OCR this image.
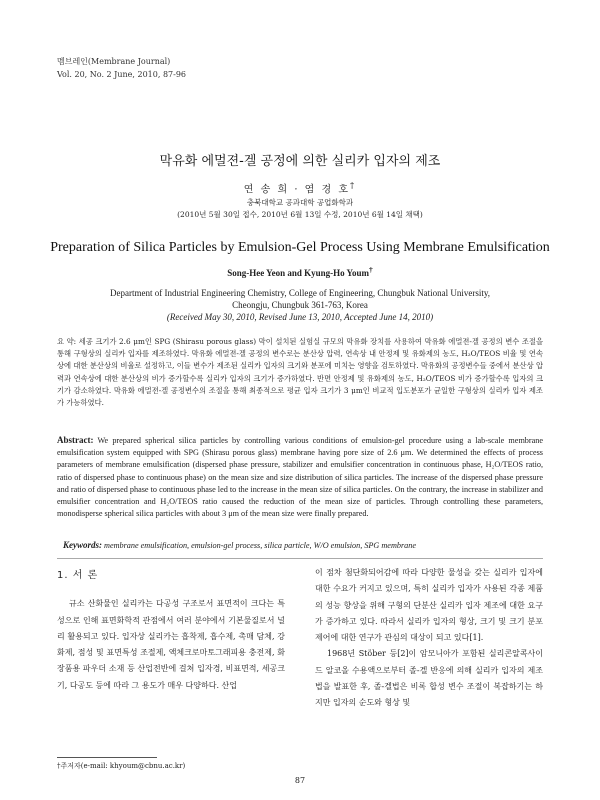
멤브레인(Membrane Journal)
Vol. 20, No. 2 June, 2010, 87-96
막유화 에멀젼-겔 공정에 의한 실리카 입자의 제조
연 송 희 · 염 경 호†
충북대학교 공과대학 공업화학과
(2010년 5월 30일 접수, 2010년 6월 13일 수정, 2010년 6월 14일 채택)
Preparation of Silica Particles by Emulsion-Gel Process Using Membrane Emulsification
Song-Hee Yeon and Kyung-Ho Youm†
Department of Industrial Engineering Chemistry, College of Engineering, Chungbuk National University,
Cheongju, Chungbuk 361-763, Korea
(Received May 30, 2010, Revised June 13, 2010, Accepted June 14, 2010)

요 약: 세공 크기가 2.6 μm인 SPG (Shirasu porous glass) 막이 설치된 실험실 규모의 막유화 장치를 사용하여 막유화 에멀젼-겔 공정의 변수 조절을 통해 구형상의 실리카 입자를 제조하였다. 막유화 에멀젼-겔 공정의 변수로는 분산상 압력, 연속상 내 안정제 및 유화제의 농도, H₂O/TEOS 비율 및 연속상에 대한 분산상의 비율로 설정하고, 이들 변수가 제조된 실리카 입자의 크기와 분포에 미치는 영향을 검토하였다. 막유화의 공정변수들 중에서 분산상 압력과 연속상에 대한 분산상의 비가 증가할수록 실리카 입자의 크기가 증가하였다. 반면 안정제 및 유화제의 농도, H₂O/TEOS 비가 증가할수록 입자의 크기가 감소하였다. 막유화 에멀젼-겔 공정변수의 조절을 통해 최종적으로 평균 입자 크기가 3 μm인 비교적 입도분포가 균일한 구형상의 실리카 입자 제조가 가능하였다.

Abstract: We prepared spherical silica particles by controlling various conditions of emulsion-gel procedure using a lab-scale membrane emulsification system equipped with SPG (Shirasu porous glass) membrane having pore size of 2.6 μm. We determined the effects of process parameters of membrane emulsification (dispersed phase pressure, stabilizer and emulsifier concentration in continuous phase, H₂O/TEOS ratio, ratio of dispersed phase to continuous phase) on the mean size and size distribution of silica particles. The increase of the dispersed phase pressure and ratio of dispersed phase to continuous phase led to the increase in the mean size of silica particles. On the contrary, the increase in stabilizer and emulsifier concentration and H₂O/TEOS ratio caused the reduction of the mean size of particles. Through controlling these parameters, monodisperse spherical silica particles with about 3 μm of the mean size were finally prepared.

Keywords: membrane emulsification, emulsion-gel process, silica particle, W/O emulsion, SPG membrane
1. 서 론

규소 산화물인 실리카는 다공성 구조로서 표면적이 크다는 특성으로 인해 표면화학적 관점에서 여러 분야에서 기본물질로서 널리 활용되고 있다. 입자상 실리카는 흡착제, 흡수제, 촉매 담체, 강화제, 점성 및 표면특성 조절제, 액체크로마토그래피용 충전제, 화장품용 파우더 소재 등 산업전반에 걸쳐 입자경, 비표면적, 세공크기, 다공도 등에 따라 그 용도가 매우 다양하다. 산업

이 점차 첨단화되어감에 따라 다양한 물성을 갖는 실리카 입자에 대한 수요가 커지고 있으며, 특히 실리카 입자가 사용된 각종 제품의 성능 향상을 위해 구형의 단분산 실리카 입자 제조에 대한 요구가 증가하고 있다. 따라서 실리카 입자의 형상, 크기 및 크기 분포 제어에 대한 연구가 관심의 대상이 되고 있다[1].

1968년 Stöber 등[2]이 암모니아가 포함된 실리콘알콕사이드 알코올 수용액으로부터 졸-겔 반응에 의해 실리카 입자의 제조법을 발표한 후, 졸-겔법은 비록 합성 변수 조절이 복잡하기는 하지만 입자의 순도와 형상 및

†주저자(e-mail: khyoum@cbnu.ac.kr)
87
